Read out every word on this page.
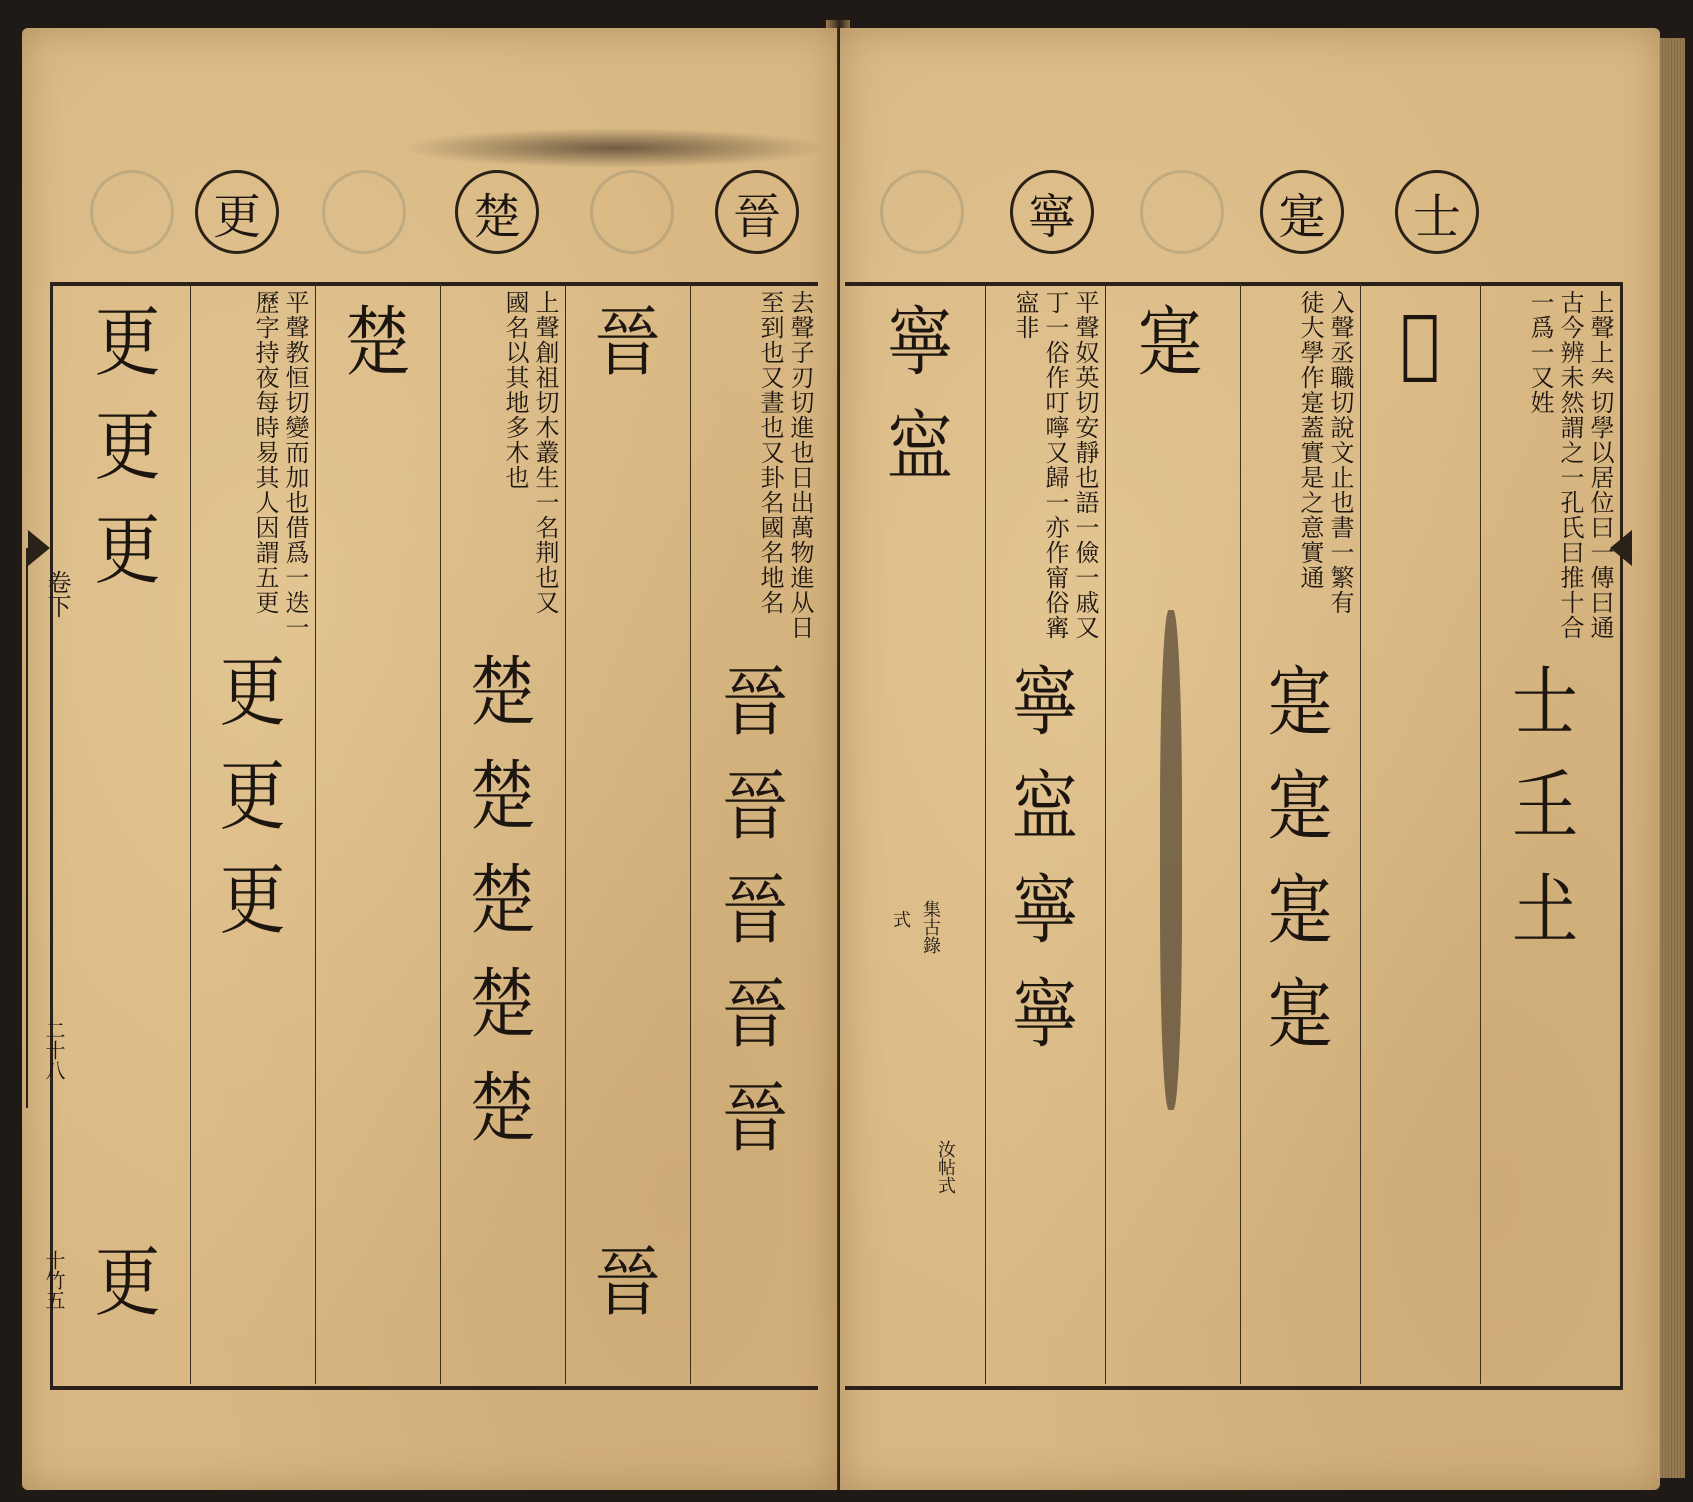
卷下
二十八
十竹五
士
寔
寧
晉
楚
更
上聲上𠔉切學以居位曰一傳曰通古今辨未然謂之一孔氏曰推十合一爲一又姓
士
𡈼
𡈽
𡉀
入聲丞職切說文止也書一繁有徒大學作寔蓋實是之意實通
寔
寔
寔
寔
寔
平聲奴英切安靜也語一儉一戚又丁一俗作叮嚀又歸一亦作甯俗寗寍非
寧
寍
寧
寧
寧
寍
集古錄
式
汝帖式
去聲子刃切進也日出萬物進从日至到也又晝也又卦名國名地名
晉
晉
晉
晉
晉
晉
晉
上聲創祖切木叢生一名荆也又國名以其地多木也
楚
楚
楚
楚
楚
楚
平聲教恒切變而加也借爲一迭一歷字持夜每時易其人因謂五更
更
更
更
更
更
更
更
